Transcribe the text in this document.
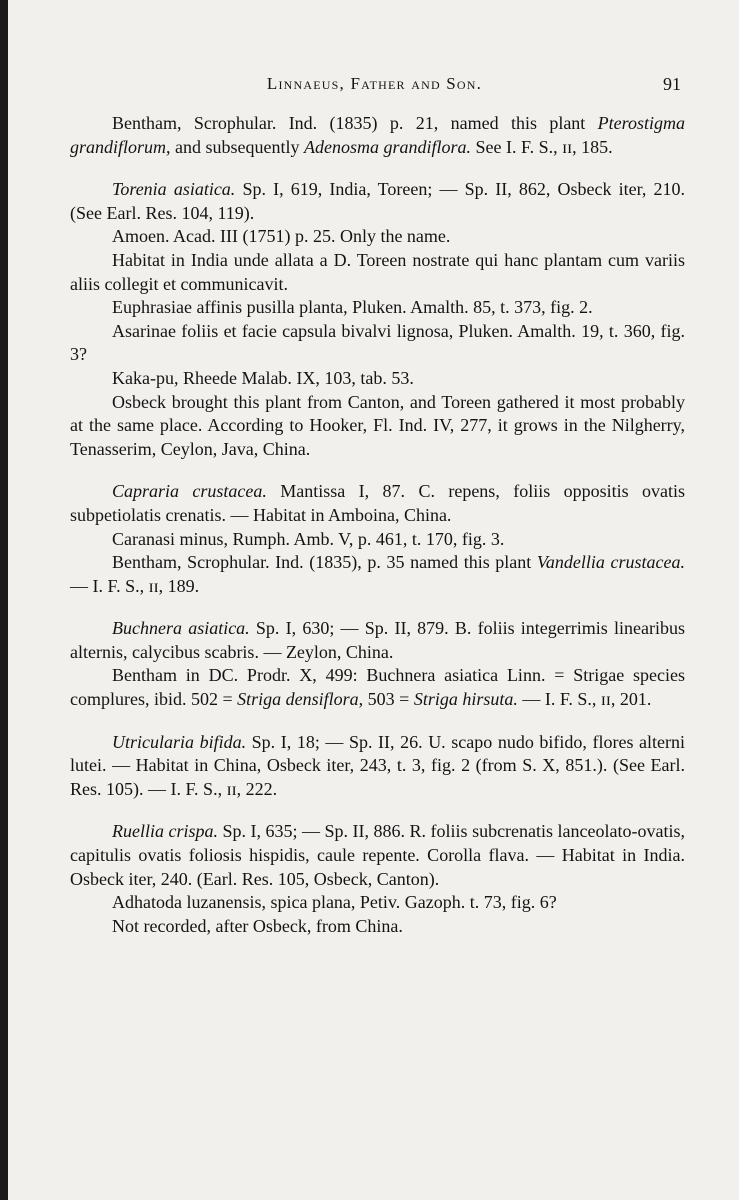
Linnaeus, Father and Son.	91

Bentham, Scrophular. Ind. (1835) p. 21, named this plant Pterostigma grandiflorum, and subsequently Adenosma grandiflora. See I. F. S., ɪɪ, 185.

Torenia asiatica. Sp. I, 619, India, Toreen; — Sp. II, 862, Osbeck iter, 210. (See Earl. Res. 104, 119).

Amoen. Acad. III (1751) p. 25. Only the name.

Habitat in India unde allata a D. Toreen nostrate qui hanc plantam cum variis aliis collegit et communicavit.

Euphrasiae affinis pusilla planta, Pluken. Amalth. 85, t. 373, fig. 2.

Asarinae foliis et facie capsula bivalvi lignosa, Pluken. Amalth. 19, t. 360, fig. 3?

Kaka-pu, Rheede Malab. IX, 103, tab. 53.

Osbeck brought this plant from Canton, and Toreen gathered it most probably at the same place. According to Hooker, Fl. Ind. IV, 277, it grows in the Nilgherry, Tenasserim, Ceylon, Java, China.

Capraria crustacea. Mantissa I, 87. C. repens, foliis oppositis ovatis subpetiolatis crenatis. — Habitat in Amboina, China.

Caranasi minus, Rumph. Amb. V, p. 461, t. 170, fig. 3.

Bentham, Scrophular. Ind. (1835), p. 35 named this plant Vandellia crustacea. — I. F. S., ɪɪ, 189.

Buchnera asiatica. Sp. I, 630; — Sp. II, 879. B. foliis integerrimis linearibus alternis, calycibus scabris. — Zeylon, China.

Bentham in DC. Prodr. X, 499: Buchnera asiatica Linn. = Strigae species complures, ibid. 502 = Striga densiflora, 503 = Striga hirsuta. — I. F. S., ɪɪ, 201.

Utricularia bifida. Sp. I, 18; — Sp. II, 26. U. scapo nudo bifido, flores alterni lutei. — Habitat in China, Osbeck iter, 243, t. 3, fig. 2 (from S. X, 851.). (See Earl. Res. 105). — I. F. S., ɪɪ, 222.

Ruellia crispa. Sp. I, 635; — Sp. II, 886. R. foliis subcrenatis lanceolato-ovatis, capitulis ovatis foliosis hispidis, caule repente. Corolla flava. — Habitat in India. Osbeck iter, 240. (Earl. Res. 105, Osbeck, Canton).

Adhatoda luzanensis, spica plana, Petiv. Gazoph. t. 73, fig. 6?

Not recorded, after Osbeck, from China.
